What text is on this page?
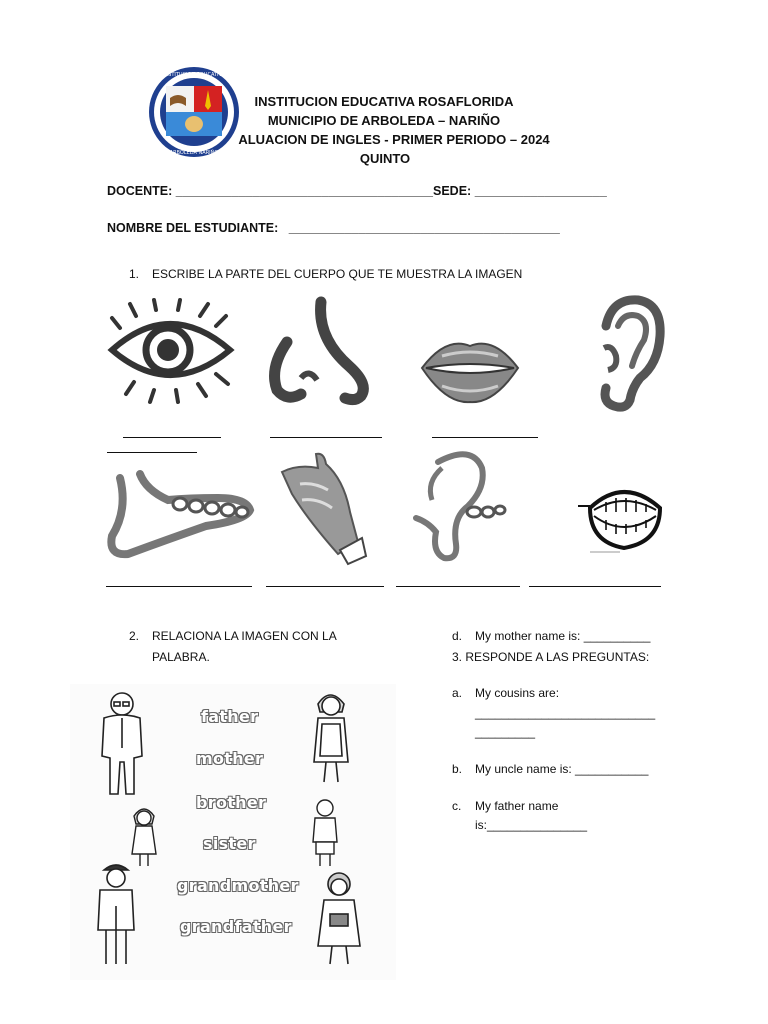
INSTITUCION EDUCATIVA
ARBOLEDA NARIÑO
INSTITUCION EDUCATIVA ROSAFLORIDA
MUNICIPIO DE ARBOLEDA – NARIÑO
ALUACION DE INGLES - PRIMER PERIODO – 2024
QUINTO
DOCENTE: _____________________________________SEDE: ___________________
NOMBRE DEL ESTUDIANTE: _______________________________________
1. ESCRIBE LA PARTE DEL CUERPO QUE TE MUESTRA LA IMAGEN
2. RELACIONA LA IMAGEN CON LA
PALABRA.
father
mother
brother
sister
grandmother
grandfather
d. My mother name is: __________
3. RESPONDE A LAS PREGUNTAS:
a. My cousins are:
___________________________
_________
b. My uncle name is: ___________
c. My father name
is:_______________
